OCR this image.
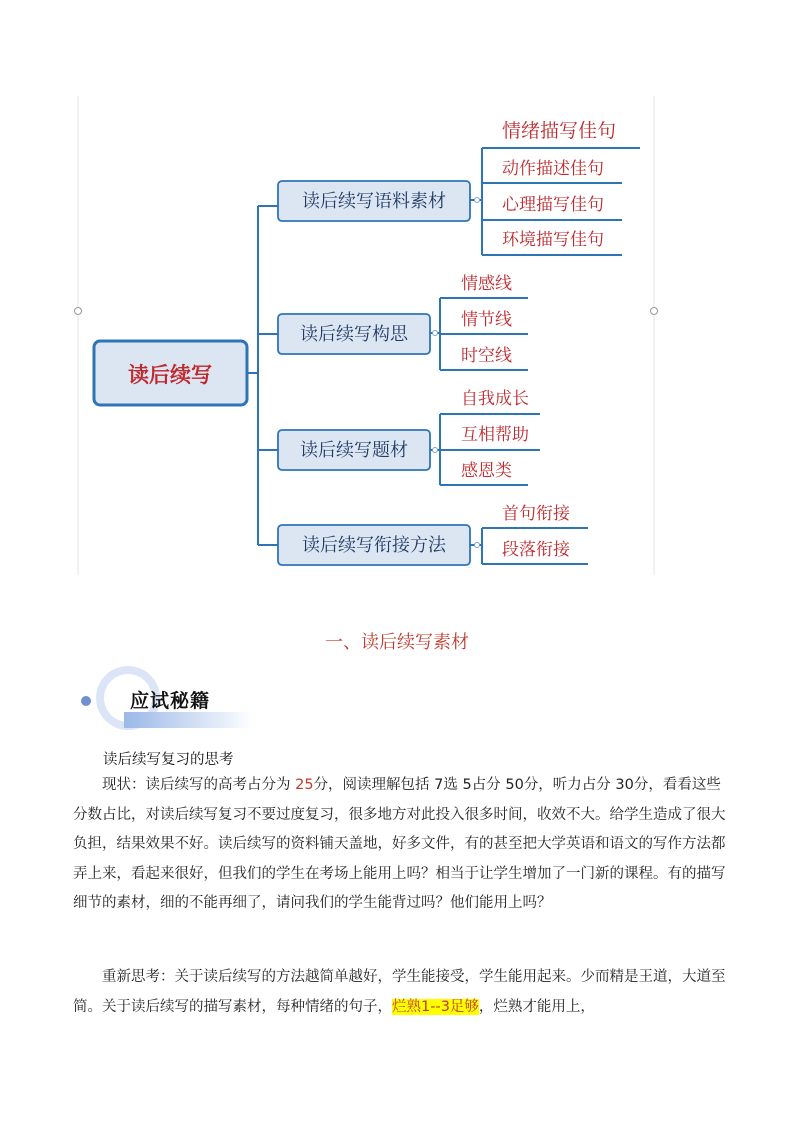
读后续写
读后续写语料素材
读后续写构思
读后续写题材
读后续写衔接方法
情绪描写佳句
动作描述佳句
心理描写佳句
环境描写佳句
情感线
情节线
时空线
自我成长
互相帮助
感恩类
首句衔接
段落衔接
一、读后续写素材
应试秘籍
读后续写复习的思考
现状：读后续写的高考占分为 25分，阅读理解包括 7选 5占分 50分，听力占分 30分，看看这些分数占比，对读后续写复习不要过度复习，很多地方对此投入很多时间，收效不大。给学生造成了很大负担，结果效果不好。读后续写的资料铺天盖地，好多文件，有的甚至把大学英语和语文的写作方法都弄上来，看起来很好，但我们的学生在考场上能用上吗？相当于让学生增加了一门新的课程。有的描写细节的素材，细的不能再细了，请问我们的学生能背过吗？他们能用上吗？
重新思考：关于读后续写的方法越简单越好，学生能接受，学生能用起来。少而精是王道，大道至简。关于读后续写的描写素材，每种情绪的句子，烂熟1--3足够，烂熟才能用上，
